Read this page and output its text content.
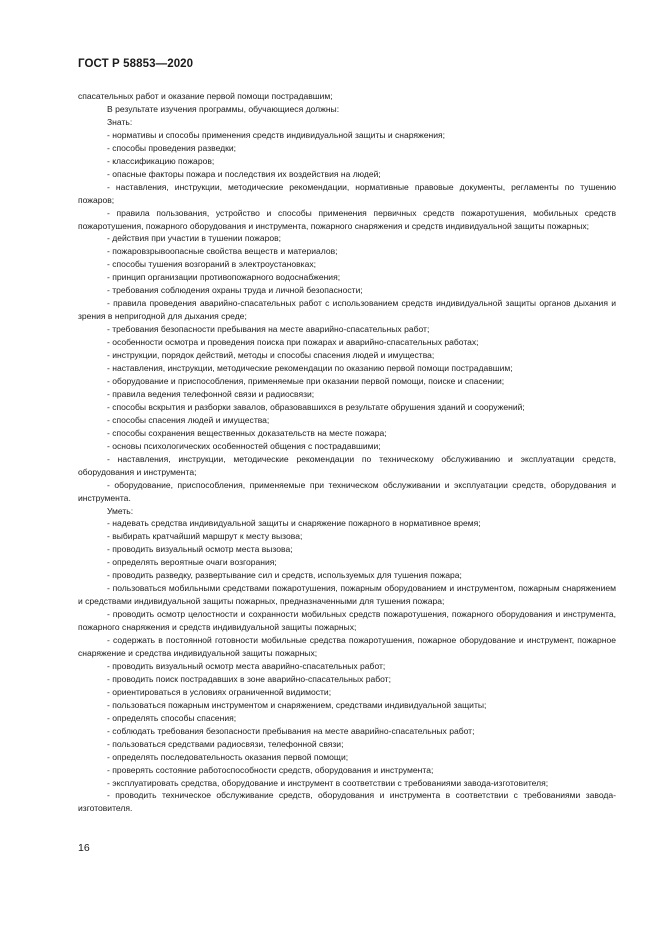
ГОСТ Р 58853—2020

спасательных работ и оказание первой помощи пострадавшим;

В результате изучения программы, обучающиеся должны:

Знать:

- нормативы и способы применения средств индивидуальной защиты и снаряжения;

- способы проведения разведки;

- классификацию пожаров;

- опасные факторы пожара и последствия их воздействия на людей;

- наставления, инструкции, методические рекомендации, нормативные правовые документы, регламенты по тушению пожаров;

- правила пользования, устройство и способы применения первичных средств пожаротушения, мобильных средств пожаротушения, пожарного оборудования и инструмента, пожарного снаряжения и средств индивидуальной защиты пожарных;

- действия при участии в тушении пожаров;

- пожаровзрывоопасные свойства веществ и материалов;

- способы тушения возгораний в электроустановках;

- принцип организации противопожарного водоснабжения;

- требования соблюдения охраны труда и личной безопасности;

- правила проведения аварийно-спасательных работ с использованием средств индивидуальной защиты органов дыхания и зрения в непригодной для дыхания среде;

- требования безопасности пребывания на месте аварийно-спасательных работ;

- особенности осмотра и проведения поиска при пожарах и аварийно-спасательных работах;

- инструкции, порядок действий, методы и способы спасения людей и имущества;

- наставления, инструкции, методические рекомендации по оказанию первой помощи пострадавшим;

- оборудование и приспособления, применяемые при оказании первой помощи, поиске и спасении;

- правила ведения телефонной связи и радиосвязи;

- способы вскрытия и разборки завалов, образовавшихся в результате обрушения зданий и сооружений;

- способы спасения людей и имущества;

- способы сохранения вещественных доказательств на месте пожара;

- основы психологических особенностей общения с пострадавшими;

- наставления, инструкции, методические рекомендации по техническому обслуживанию и эксплуатации средств, оборудования и инструмента;

- оборудование, приспособления, применяемые при техническом обслуживании и эксплуатации средств, оборудования и инструмента.

Уметь:

- надевать средства индивидуальной защиты и снаряжение пожарного в нормативное время;

- выбирать кратчайший маршрут к месту вызова;

- проводить визуальный осмотр места вызова;

- определять вероятные очаги возгорания;

- проводить разведку, развертывание сил и средств, используемых для тушения пожара;

- пользоваться мобильными средствами пожаротушения, пожарным оборудованием и инструментом, пожарным снаряжением и средствами индивидуальной защиты пожарных, предназначенными для тушения пожара;

- проводить осмотр целостности и сохранности мобильных средств пожаротушения, пожарного оборудования и инструмента, пожарного снаряжения и средств индивидуальной защиты пожарных;

- содержать в постоянной готовности мобильные средства пожаротушения, пожарное оборудование и инструмент, пожарное снаряжение и средства индивидуальной защиты пожарных;

- проводить визуальный осмотр места аварийно-спасательных работ;

- проводить поиск пострадавших в зоне аварийно-спасательных работ;

- ориентироваться в условиях ограниченной видимости;

- пользоваться пожарным инструментом и снаряжением, средствами индивидуальной защиты;

- определять способы спасения;

- соблюдать требования безопасности пребывания на месте аварийно-спасательных работ;

- пользоваться средствами радиосвязи, телефонной связи;

- определять последовательность оказания первой помощи;

- проверять состояние работоспособности средств, оборудования и инструмента;

- эксплуатировать средства, оборудование и инструмент в соответствии с требованиями завода-изготовителя;

- проводить техническое обслуживание средств, оборудования и инструмента в соответствии с требованиями завода-изготовителя.

16
